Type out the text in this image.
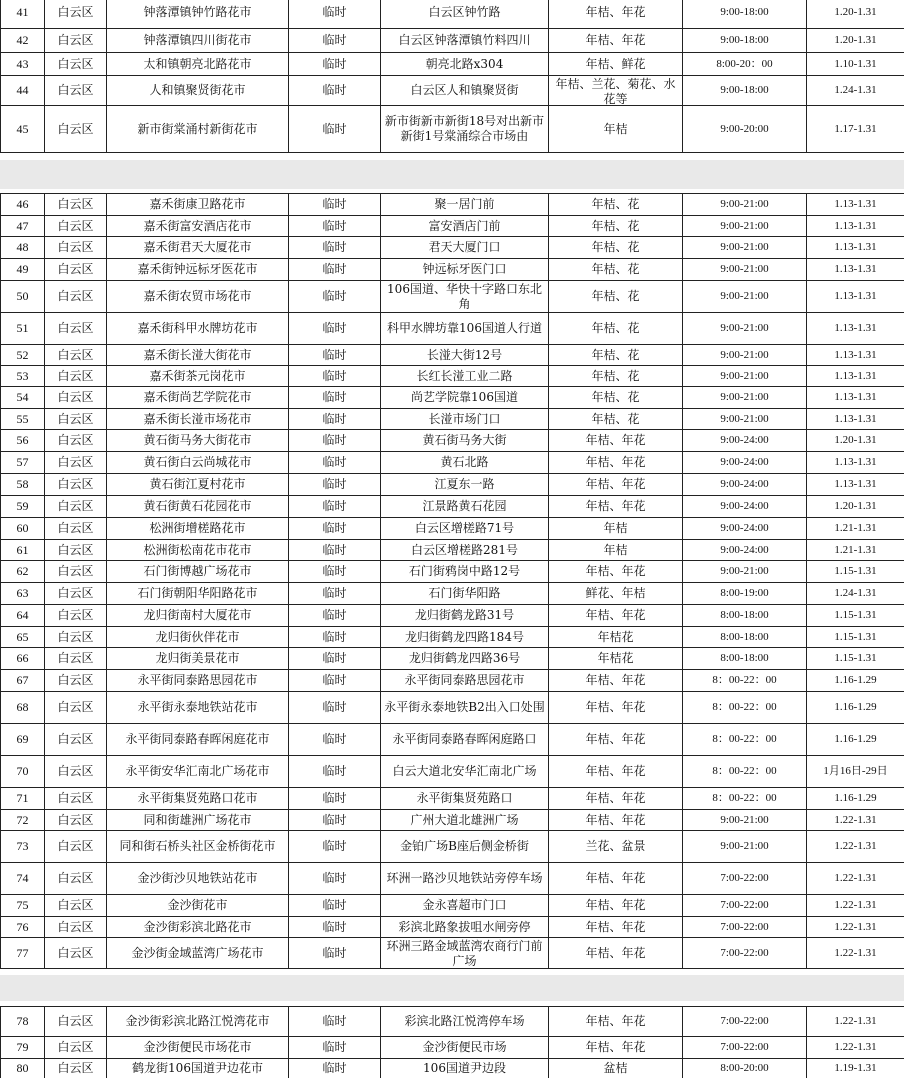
41	白云区	钟落潭镇钟竹路花市	临时	白云区钟竹路	年桔、年花	9:00-18:00	1.20-1.31

42	白云区	钟落潭镇四川街花市	临时	白云区钟落潭镇竹料四川	年桔、年花	9:00-18:00	1.20-1.31

43	白云区	太和镇朝亮北路花市	临时	朝亮北路x304	年桔、鲜花	8:00-20：00	1.10-1.31

44	白云区	人和镇聚贤街花市	临时	白云区人和镇聚贤街	年桔、兰花、菊花、水花等	9:00-18:00	1.24-1.31

45	白云区	新市街棠涌村新街花市	临时	新市街新市新街18号对出新市新街1号棠涌综合市场由	年桔	9:00-20:00	1.17-1.31
46	白云区	嘉禾街康卫路花市	临时	聚一居门前	年桔、花	9:00-21:00	1.13-1.31

47	白云区	嘉禾街富安酒店花市	临时	富安酒店门前	年桔、花	9:00-21:00	1.13-1.31

48	白云区	嘉禾街君天大厦花市	临时	君天大厦门口	年桔、花	9:00-21:00	1.13-1.31

49	白云区	嘉禾街钟远标牙医花市	临时	钟远标牙医门口	年桔、花	9:00-21:00	1.13-1.31

50	白云区	嘉禾街农贸市场花市	临时	106国道、华快十字路口东北角	年桔、花	9:00-21:00	1.13-1.31

51	白云区	嘉禾街科甲水牌坊花市	临时	科甲水牌坊靠106国道人行道	年桔、花	9:00-21:00	1.13-1.31

52	白云区	嘉禾街长湴大街花市	临时	长湴大街12号	年桔、花	9:00-21:00	1.13-1.31

53	白云区	嘉禾街茶元岗花市	临时	长红长湴工业二路	年桔、花	9:00-21:00	1.13-1.31

54	白云区	嘉禾街尚艺学院花市	临时	尚艺学院靠106国道	年桔、花	9:00-21:00	1.13-1.31

55	白云区	嘉禾街长湴市场花市	临时	长湴市场门口	年桔、花	9:00-21:00	1.13-1.31

56	白云区	黄石街马务大街花市	临时	黄石街马务大街	年桔、年花	9:00-24:00	1.20-1.31

57	白云区	黄石街白云尚城花市	临时	黄石北路	年桔、年花	9:00-24:00	1.13-1.31

58	白云区	黄石街江夏村花市	临时	江夏东一路	年桔、年花	9:00-24:00	1.13-1.31

59	白云区	黄石街黄石花园花市	临时	江景路黄石花园	年桔、年花	9:00-24:00	1.20-1.31

60	白云区	松洲街增槎路花市	临时	白云区增槎路71号	年桔	9:00-24:00	1.21-1.31

61	白云区	松洲街松南花市花市	临时	白云区增槎路281号	年桔	9:00-24:00	1.21-1.31

62	白云区	石门街博越广场花市	临时	石门街鸦岗中路12号	年桔、年花	9:00-21:00	1.15-1.31

63	白云区	石门街朝阳华阳路花市	临时	石门街华阳路	鲜花、年桔	8:00-19:00	1.24-1.31

64	白云区	龙归街南村大厦花市	临时	龙归街鹤龙路31号	年桔、年花	8:00-18:00	1.15-1.31

65	白云区	龙归街伙伴花市	临时	龙归街鹤龙四路184号	年桔花	8:00-18:00	1.15-1.31

66	白云区	龙归街美景花市	临时	龙归街鹤龙四路36号	年桔花	8:00-18:00	1.15-1.31

67	白云区	永平街同泰路思园花市	临时	永平街同泰路思园花市	年桔、年花	8：00-22：00	1.16-1.29

68	白云区	永平街永泰地铁站花市	临时	永平街永泰地铁B2出入口处围	年桔、年花	8：00-22：00	1.16-1.29

69	白云区	永平街同泰路春晖闲庭花市	临时	永平街同泰路春晖闲庭路口	年桔、年花	8：00-22：00	1.16-1.29

70	白云区	永平街安华汇南北广场花市	临时	白云大道北安华汇南北广场	年桔、年花	8：00-22：00	1月16日-29日

71	白云区	永平街集贤苑路口花市	临时	永平街集贤苑路口	年桔、年花	8：00-22：00	1.16-1.29

72	白云区	同和街雄洲广场花市	临时	广州大道北雄洲广场	年桔、年花	9:00-21:00	1.22-1.31

73	白云区	同和街石桥头社区金桥街花市	临时	金铂广场B座后侧金桥街	兰花、盆景	9:00-21:00	1.22-1.31

74	白云区	金沙街沙贝地铁站花市	临时	环洲一路沙贝地铁站旁停车场	年桔、年花	7:00-22:00	1.22-1.31

75	白云区	金沙街花市	临时	金永喜超市门口	年桔、年花	7:00-22:00	1.22-1.31

76	白云区	金沙街彩滨北路花市	临时	彩滨北路象拔咀水闸旁停	年桔、年花	7:00-22:00	1.22-1.31

77	白云区	金沙街金域蓝湾广场花市	临时	环洲三路金域蓝湾农商行门前广场	年桔、年花	7:00-22:00	1.22-1.31
78	白云区	金沙街彩滨北路江悦湾花市	临时	彩滨北路江悦湾停车场	年桔、年花	7:00-22:00	1.22-1.31

79	白云区	金沙街便民市场花市	临时	金沙街便民市场	年桔、年花	7:00-22:00	1.22-1.31

80	白云区	鹤龙街106国道尹边花市	临时	106国道尹边段	盆桔	8:00-20:00	1.19-1.31
